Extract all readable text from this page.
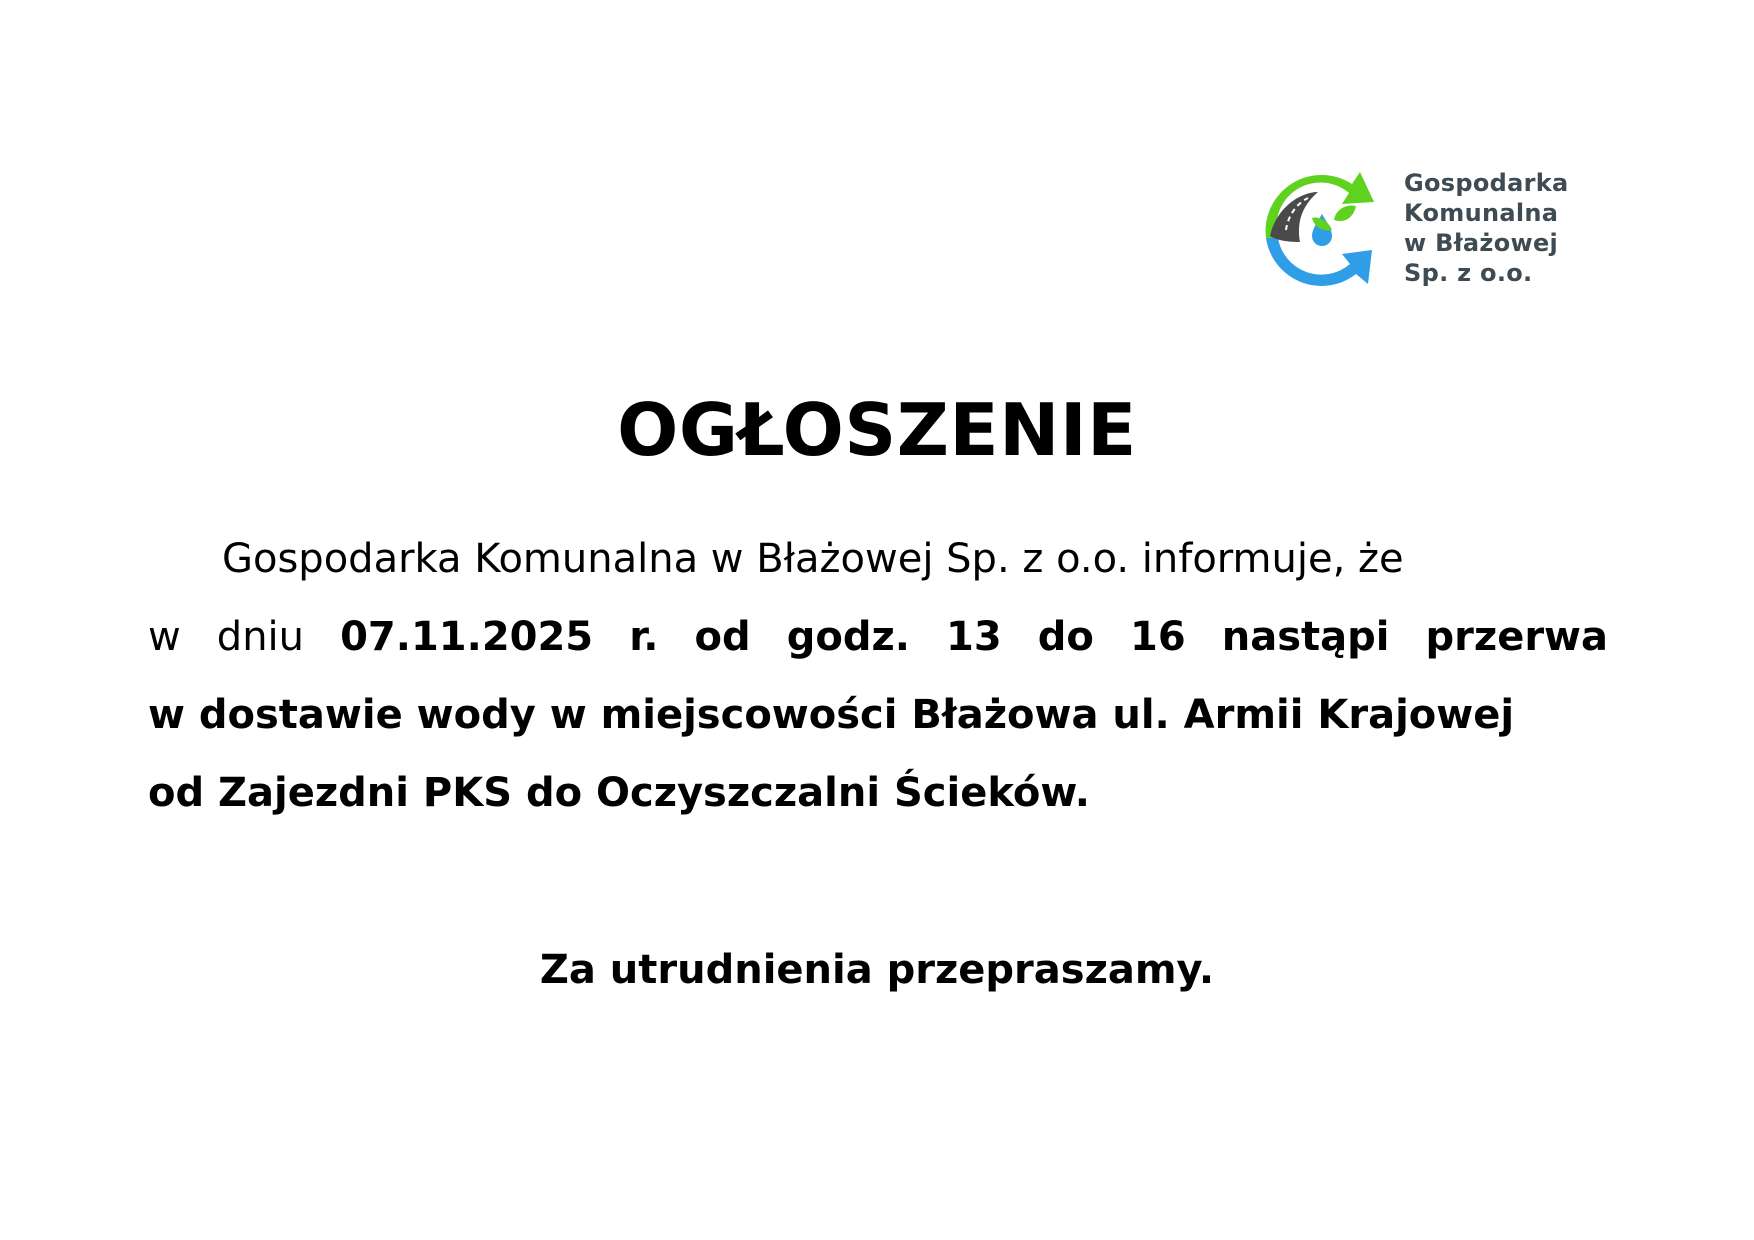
Gospodarka
Komunalna
w Błażowej
Sp. z o.o.
OGŁOSZENIE
Gospodarka Komunalna w Błażowej Sp. z o.o. informuje, że
w dniu 07.11.2025 r. od godz. 13 do 16 nastąpi przerwa
w dostawie wody w miejscowości Błażowa ul. Armii Krajowej
od Zajezdni PKS do Oczyszczalni Ścieków.
Za utrudnienia przepraszamy.
